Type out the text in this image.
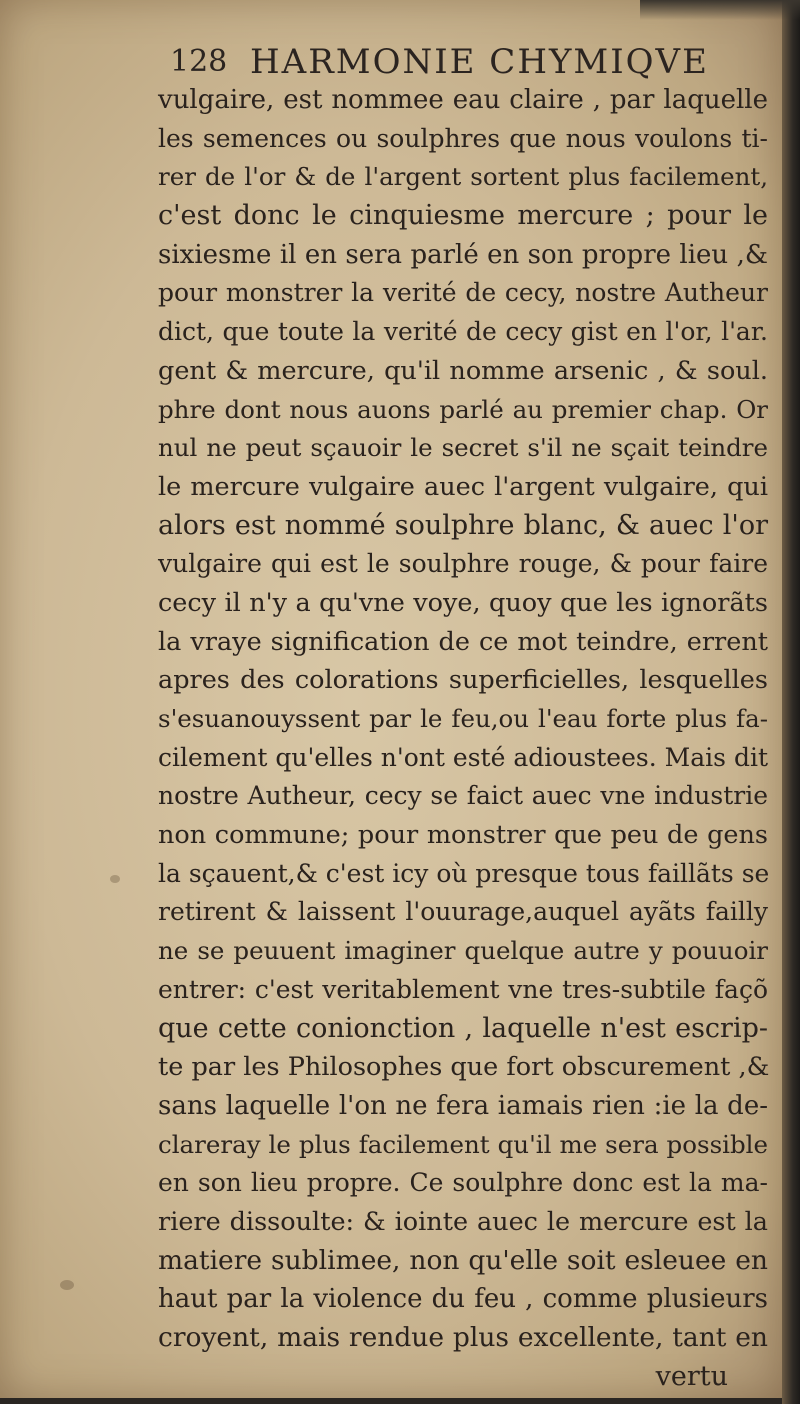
128 HARMONIE CHYMIQVE
vulgaire, est nommee eau claire , par laquelle
les semences ou soulphres que nous voulons ti-
rer de l'or & de l'argent sortent plus facilement,
c'est donc le cinquiesme mercure ; pour le
sixiesme il en sera parlé en son propre lieu ,&
pour monstrer la verité de cecy, nostre Autheur
dict, que toute la verité de cecy gist en l'or, l'ar.
gent & mercure, qu'il nomme arsenic , & soul.
phre dont nous auons parlé au premier chap. Or
nul ne peut sçauoir le secret s'il ne sçait teindre
le mercure vulgaire auec l'argent vulgaire, qui
alors est nommé soulphre blanc, & auec l'or
vulgaire qui est le soulphre rouge, & pour faire
cecy il n'y a qu'vne voye, quoy que les ignorãts
la vraye signification de ce mot teindre, errent
apres des colorations superficielles, lesquelles
s'esuanouyssent par le feu,ou l'eau forte plus fa-
cilement qu'elles n'ont esté adioustees. Mais dit
nostre Autheur, cecy se faict auec vne industrie
non commune; pour monstrer que peu de gens
la sçauent,& c'est icy où presque tous faillãts se
retirent & laissent l'ouurage,auquel ayãts failly
ne se peuuent imaginer quelque autre y pouuoir
entrer: c'est veritablement vne tres-subtile façõ
que cette conionction , laquelle n'est escrip-
te par les Philosophes que fort obscurement ,&
sans laquelle l'on ne fera iamais rien :ie la de-
clareray le plus facilement qu'il me sera possible
en son lieu propre. Ce soulphre donc est la ma-
riere dissoulte: & iointe auec le mercure est la
matiere sublimee, non qu'elle soit esleuee en
haut par la violence du feu , comme plusieurs
croyent, mais rendue plus excellente, tant en
vertu
